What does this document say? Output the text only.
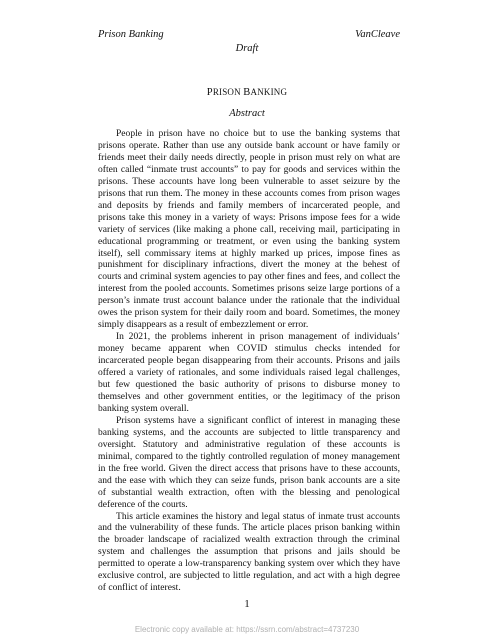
Prison Banking	VanCleave
Draft
PRISON BANKING
Abstract

People in prison have no choice but to use the banking systems that prisons operate. Rather than use any outside bank account or have family or friends meet their daily needs directly, people in prison must rely on what are often called “inmate trust accounts” to pay for goods and services within the prisons. These accounts have long been vulnerable to asset seizure by the prisons that run them. The money in these accounts comes from prison wages and deposits by friends and family members of incarcerated people, and prisons take this money in a variety of ways: Prisons impose fees for a wide variety of services (like making a phone call, receiving mail, participating in educational programming or treatment, or even using the banking system itself), sell commissary items at highly marked up prices, impose fines as punishment for disciplinary infractions, divert the money at the behest of courts and criminal system agencies to pay other fines and fees, and collect the interest from the pooled accounts. Sometimes prisons seize large portions of a person’s inmate trust account balance under the rationale that the individual owes the prison system for their daily room and board. Sometimes, the money simply disappears as a result of embezzlement or error.

In 2021, the problems inherent in prison management of individuals’ money became apparent when COVID stimulus checks intended for incarcerated people began disappearing from their accounts. Prisons and jails offered a variety of rationales, and some individuals raised legal challenges, but few questioned the basic authority of prisons to disburse money to themselves and other government entities, or the legitimacy of the prison banking system overall.

Prison systems have a significant conflict of interest in managing these banking systems, and the accounts are subjected to little transparency and oversight. Statutory and administrative regulation of these accounts is minimal, compared to the tightly controlled regulation of money management in the free world. Given the direct access that prisons have to these accounts, and the ease with which they can seize funds, prison bank accounts are a site of substantial wealth extraction, often with the blessing and penological deference of the courts.

This article examines the history and legal status of inmate trust accounts and the vulnerability of these funds. The article places prison banking within the broader landscape of racialized wealth extraction through the criminal system and challenges the assumption that prisons and jails should be permitted to operate a low-transparency banking system over which they have exclusive control, are subjected to little regulation, and act with a high degree of conflict of interest.

1
Electronic copy available at: https://ssrn.com/abstract=4737230
